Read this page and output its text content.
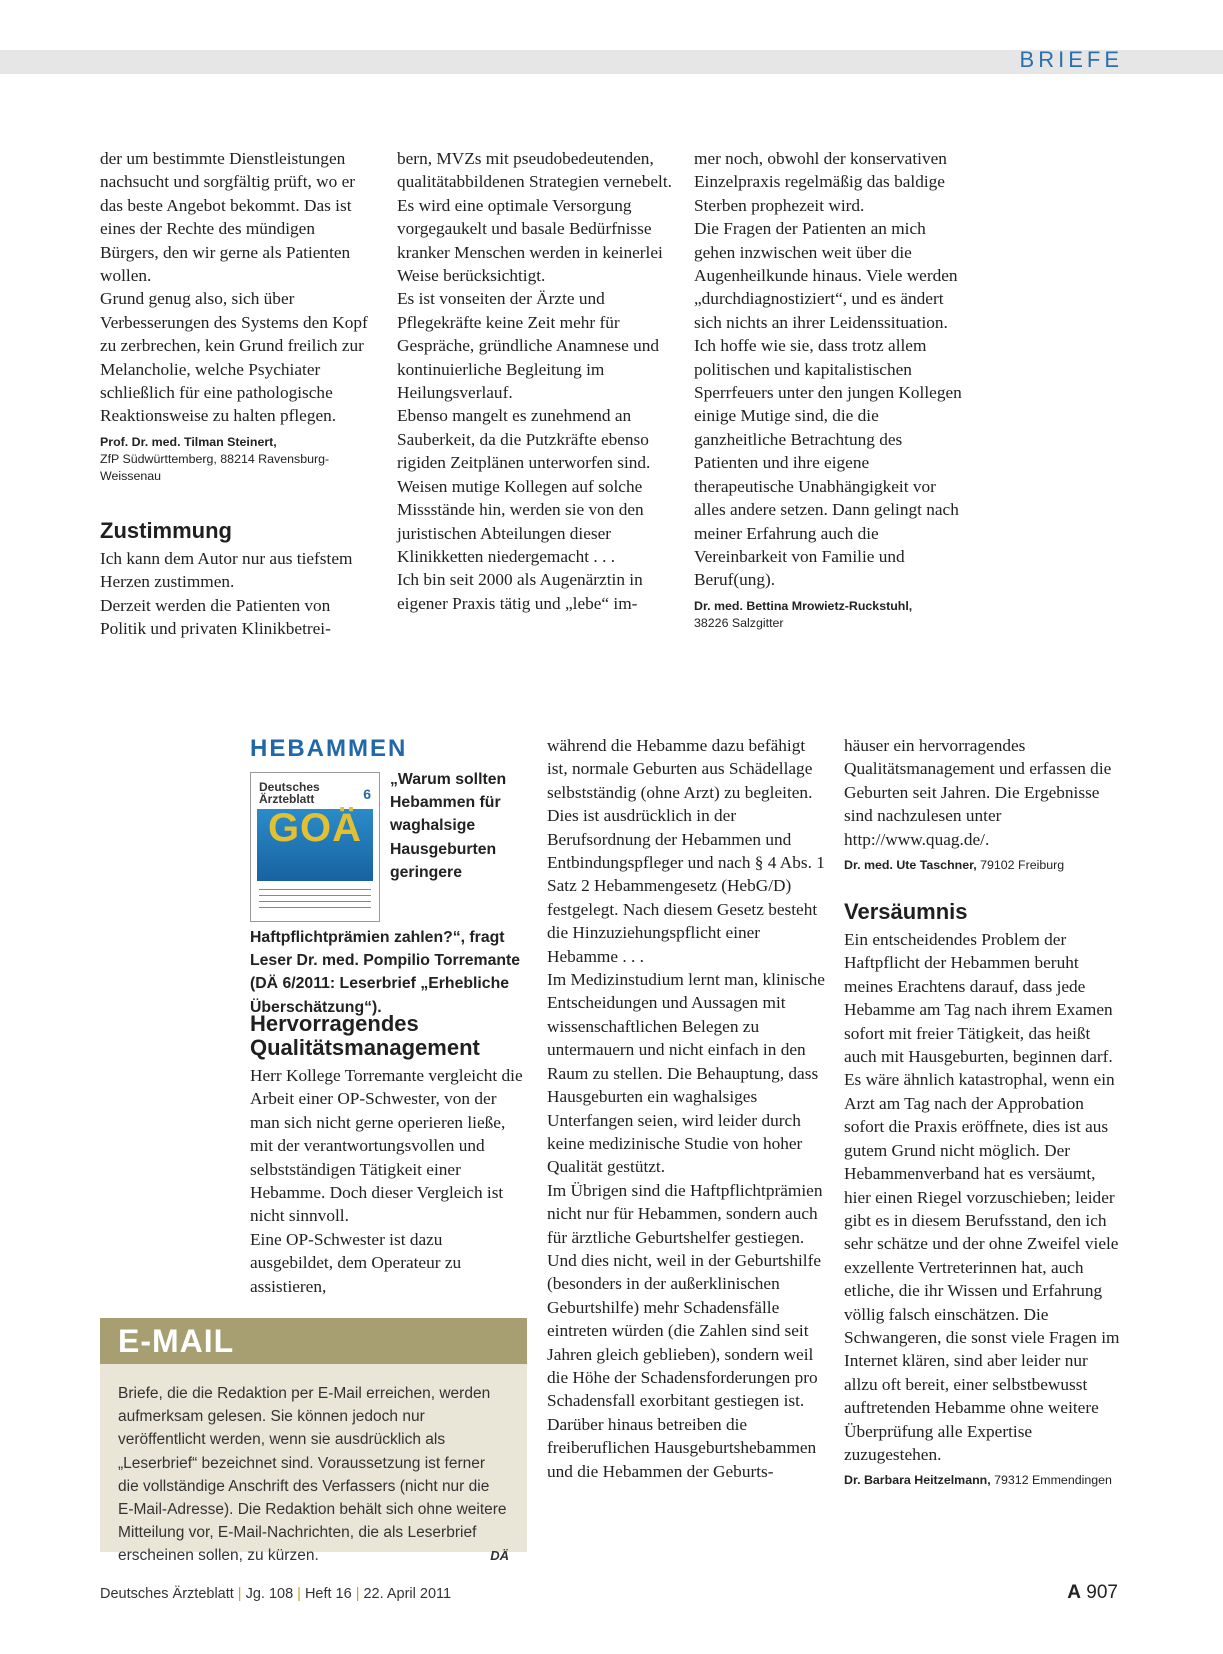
BRIEFE

der um bestimmte Dienstleistungen nachsucht und sorgfältig prüft, wo er das beste Angebot bekommt. Das ist eines der Rechte des mündigen Bürgers, den wir gerne als Patienten wollen.

Grund genug also, sich über Verbesserungen des Systems den Kopf zu zerbrechen, kein Grund freilich zur Melancholie, welche Psychiater schließlich für eine pathologische Reaktionsweise zu halten pflegen.

Prof. Dr. med. Tilman Steinert,
ZfP Südwürttemberg, 88214 Ravensburg-Weissenau
Zustimmung

Ich kann dem Autor nur aus tiefstem Herzen zustimmen.

Derzeit werden die Patienten von Politik und privaten Klinikbetrei-

bern, MVZs mit pseudobedeutenden, qualitätabbildenen Strategien vernebelt.

Es wird eine optimale Versorgung vorgegaukelt und basale Bedürfnisse kranker Menschen werden in keinerlei Weise berücksichtigt.

Es ist vonseiten der Ärzte und Pflegekräfte keine Zeit mehr für Gespräche, gründliche Anamnese und kontinuierliche Begleitung im Heilungsverlauf.

Ebenso mangelt es zunehmend an Sauberkeit, da die Putzkräfte ebenso rigiden Zeitplänen unterworfen sind.

Weisen mutige Kollegen auf solche Missstände hin, werden sie von den juristischen Abteilungen dieser Klinikketten niedergemacht . . .

Ich bin seit 2000 als Augenärztin in eigener Praxis tätig und „lebe“ im-

mer noch, obwohl der konservativen Einzelpraxis regelmäßig das baldige Sterben prophezeit wird.

Die Fragen der Patienten an mich gehen inzwischen weit über die Augenheilkunde hinaus. Viele werden „durchdiagnostiziert“, und es ändert sich nichts an ihrer Leidenssituation.

Ich hoffe wie sie, dass trotz allem politischen und kapitalistischen Sperrfeuers unter den jungen Kollegen einige Mutige sind, die die ganzheitliche Betrachtung des Patienten und ihre eigene therapeutische Unabhängigkeit vor alles andere setzen. Dann gelingt nach meiner Erfahrung auch die Vereinbarkeit von Familie und Beruf(ung).

Dr. med. Bettina Mrowietz-Ruckstuhl,
38226 Salzgitter
HEBAMMEN
Deutsches Ärzteblatt	6
GOÄ
„Warum sollten Hebammen für waghalsige Hausgeburten geringere Haftpflichtprämien zahlen?“, fragt Leser Dr. med. Pompilio Torremante (DÄ 6/2011: Leserbrief „Erhebliche Überschätzung“).
Hervorragendes Qualitätsmanagement

Herr Kollege Torremante vergleicht die Arbeit einer OP-Schwester, von der man sich nicht gerne operieren ließe, mit der verantwortungsvollen und selbstständigen Tätigkeit einer Hebamme. Doch dieser Vergleich ist nicht sinnvoll.

Eine OP-Schwester ist dazu ausgebildet, dem Operateur zu assistieren,

E-MAIL
Briefe, die die Redaktion per E-Mail erreichen, werden aufmerksam gelesen. Sie können jedoch nur veröffentlicht werden, wenn sie ausdrücklich als „Leserbrief“ bezeichnet sind. Voraussetzung ist ferner die vollständige Anschrift des Verfassers (nicht nur die E-Mail-Adresse). Die Redaktion behält sich ohne weitere Mitteilung vor, E-Mail-Nachrichten, die als Leserbrief erscheinen sollen, zu kürzen.	DÄ

während die Hebamme dazu befähigt ist, normale Geburten aus Schädellage selbstständig (ohne Arzt) zu begleiten. Dies ist ausdrücklich in der Berufsordnung der Hebammen und Entbindungspfleger und nach § 4 Abs. 1 Satz 2 Hebammengesetz (HebG/D) festgelegt. Nach diesem Gesetz besteht die Hinzuziehungspflicht einer Hebamme . . .

Im Medizinstudium lernt man, klinische Entscheidungen und Aussagen mit wissenschaftlichen Belegen zu untermauern und nicht einfach in den Raum zu stellen. Die Behauptung, dass Hausgeburten ein waghalsiges Unterfangen seien, wird leider durch keine medizinische Studie von hoher Qualität gestützt.

Im Übrigen sind die Haftpflichtprämien nicht nur für Hebammen, sondern auch für ärztliche Geburtshelfer gestiegen. Und dies nicht, weil in der Geburtshilfe (besonders in der außerklinischen Geburtshilfe) mehr Schadensfälle eintreten würden (die Zahlen sind seit Jahren gleich geblieben), sondern weil die Höhe der Schadensforderungen pro Schadensfall exorbitant gestiegen ist.

Darüber hinaus betreiben die freiberuflichen Hausgeburtshebammen und die Hebammen der Geburts-

häuser ein hervorragendes Qualitätsmanagement und erfassen die Geburten seit Jahren. Die Ergebnisse sind nachzulesen unter http://www.quag.de/.

Dr. med. Ute Taschner, 79102 Freiburg
Versäumnis

Ein entscheidendes Problem der Haftpflicht der Hebammen beruht meines Erachtens darauf, dass jede Hebamme am Tag nach ihrem Examen sofort mit freier Tätigkeit, das heißt auch mit Hausgeburten, beginnen darf. Es wäre ähnlich katastrophal, wenn ein Arzt am Tag nach der Approbation sofort die Praxis eröffnete, dies ist aus gutem Grund nicht möglich. Der Hebammenverband hat es versäumt, hier einen Riegel vorzuschieben; leider gibt es in diesem Berufsstand, den ich sehr schätze und der ohne Zweifel viele exzellente Vertreterinnen hat, auch etliche, die ihr Wissen und Erfahrung völlig falsch einschätzen. Die Schwangeren, die sonst viele Fragen im Internet klären, sind aber leider nur allzu oft bereit, einer selbstbewusst auftretenden Hebamme ohne weitere Überprüfung alle Expertise zuzugestehen.

Dr. Barbara Heitzelmann, 79312 Emmendingen
Deutsches Ärzteblatt | Jg. 108 | Heft 16 | 22. April 2011	A 907
